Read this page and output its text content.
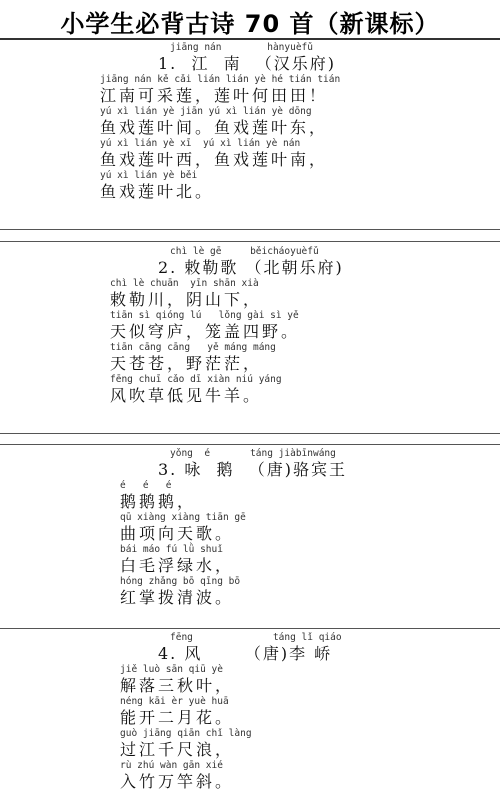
小学生必背古诗 70 首（新课标）
jiāng nán        hànyuèfǔ
1.  江  南  （汉乐府)
jiāng nán kě cǎi lián lián yè hé tián tián
江南可采莲，莲叶何田田！
yú xì lián yè jiān yú xì lián yè dōng
鱼戏莲叶间。鱼戏莲叶东，
yú xì lián yè xī  yú xì lián yè nán
鱼戏莲叶西，鱼戏莲叶南，
yú xì lián yè běi
鱼戏莲叶北。
chì lè gē     běicháoyuèfǔ
2. 敕勒歌 （北朝乐府)
chì lè chuān  yīn shān xià
敕勒川，阴山下，
tiān sì qióng lú   lǒng gài sì yě
天似穹庐，笼盖四野。
tiān cāng cāng   yě máng máng
天苍苍，野茫茫，
fēng chuī cǎo dī xiàn niú yáng
风吹草低见牛羊。
yǒng  é       táng jiàbīnwáng
3. 咏  鹅  （唐)骆宾王
é   é   é
鹅鹅鹅，
qū xiàng xiàng tiān gē
曲项向天歌。
bái máo fú lǜ shuǐ
白毛浮绿水，
hóng zhǎng bō qīng bō
红掌拨清波。
fēng              táng lǐ qiáo
4. 风      （唐)李 峤
jiě luò sān qiū yè
解落三秋叶，
néng kāi èr yuè huā
能开二月花。
guò jiāng qiān chǐ làng
过江千尺浪，
rù zhú wàn gān xié
入竹万竿斜。
